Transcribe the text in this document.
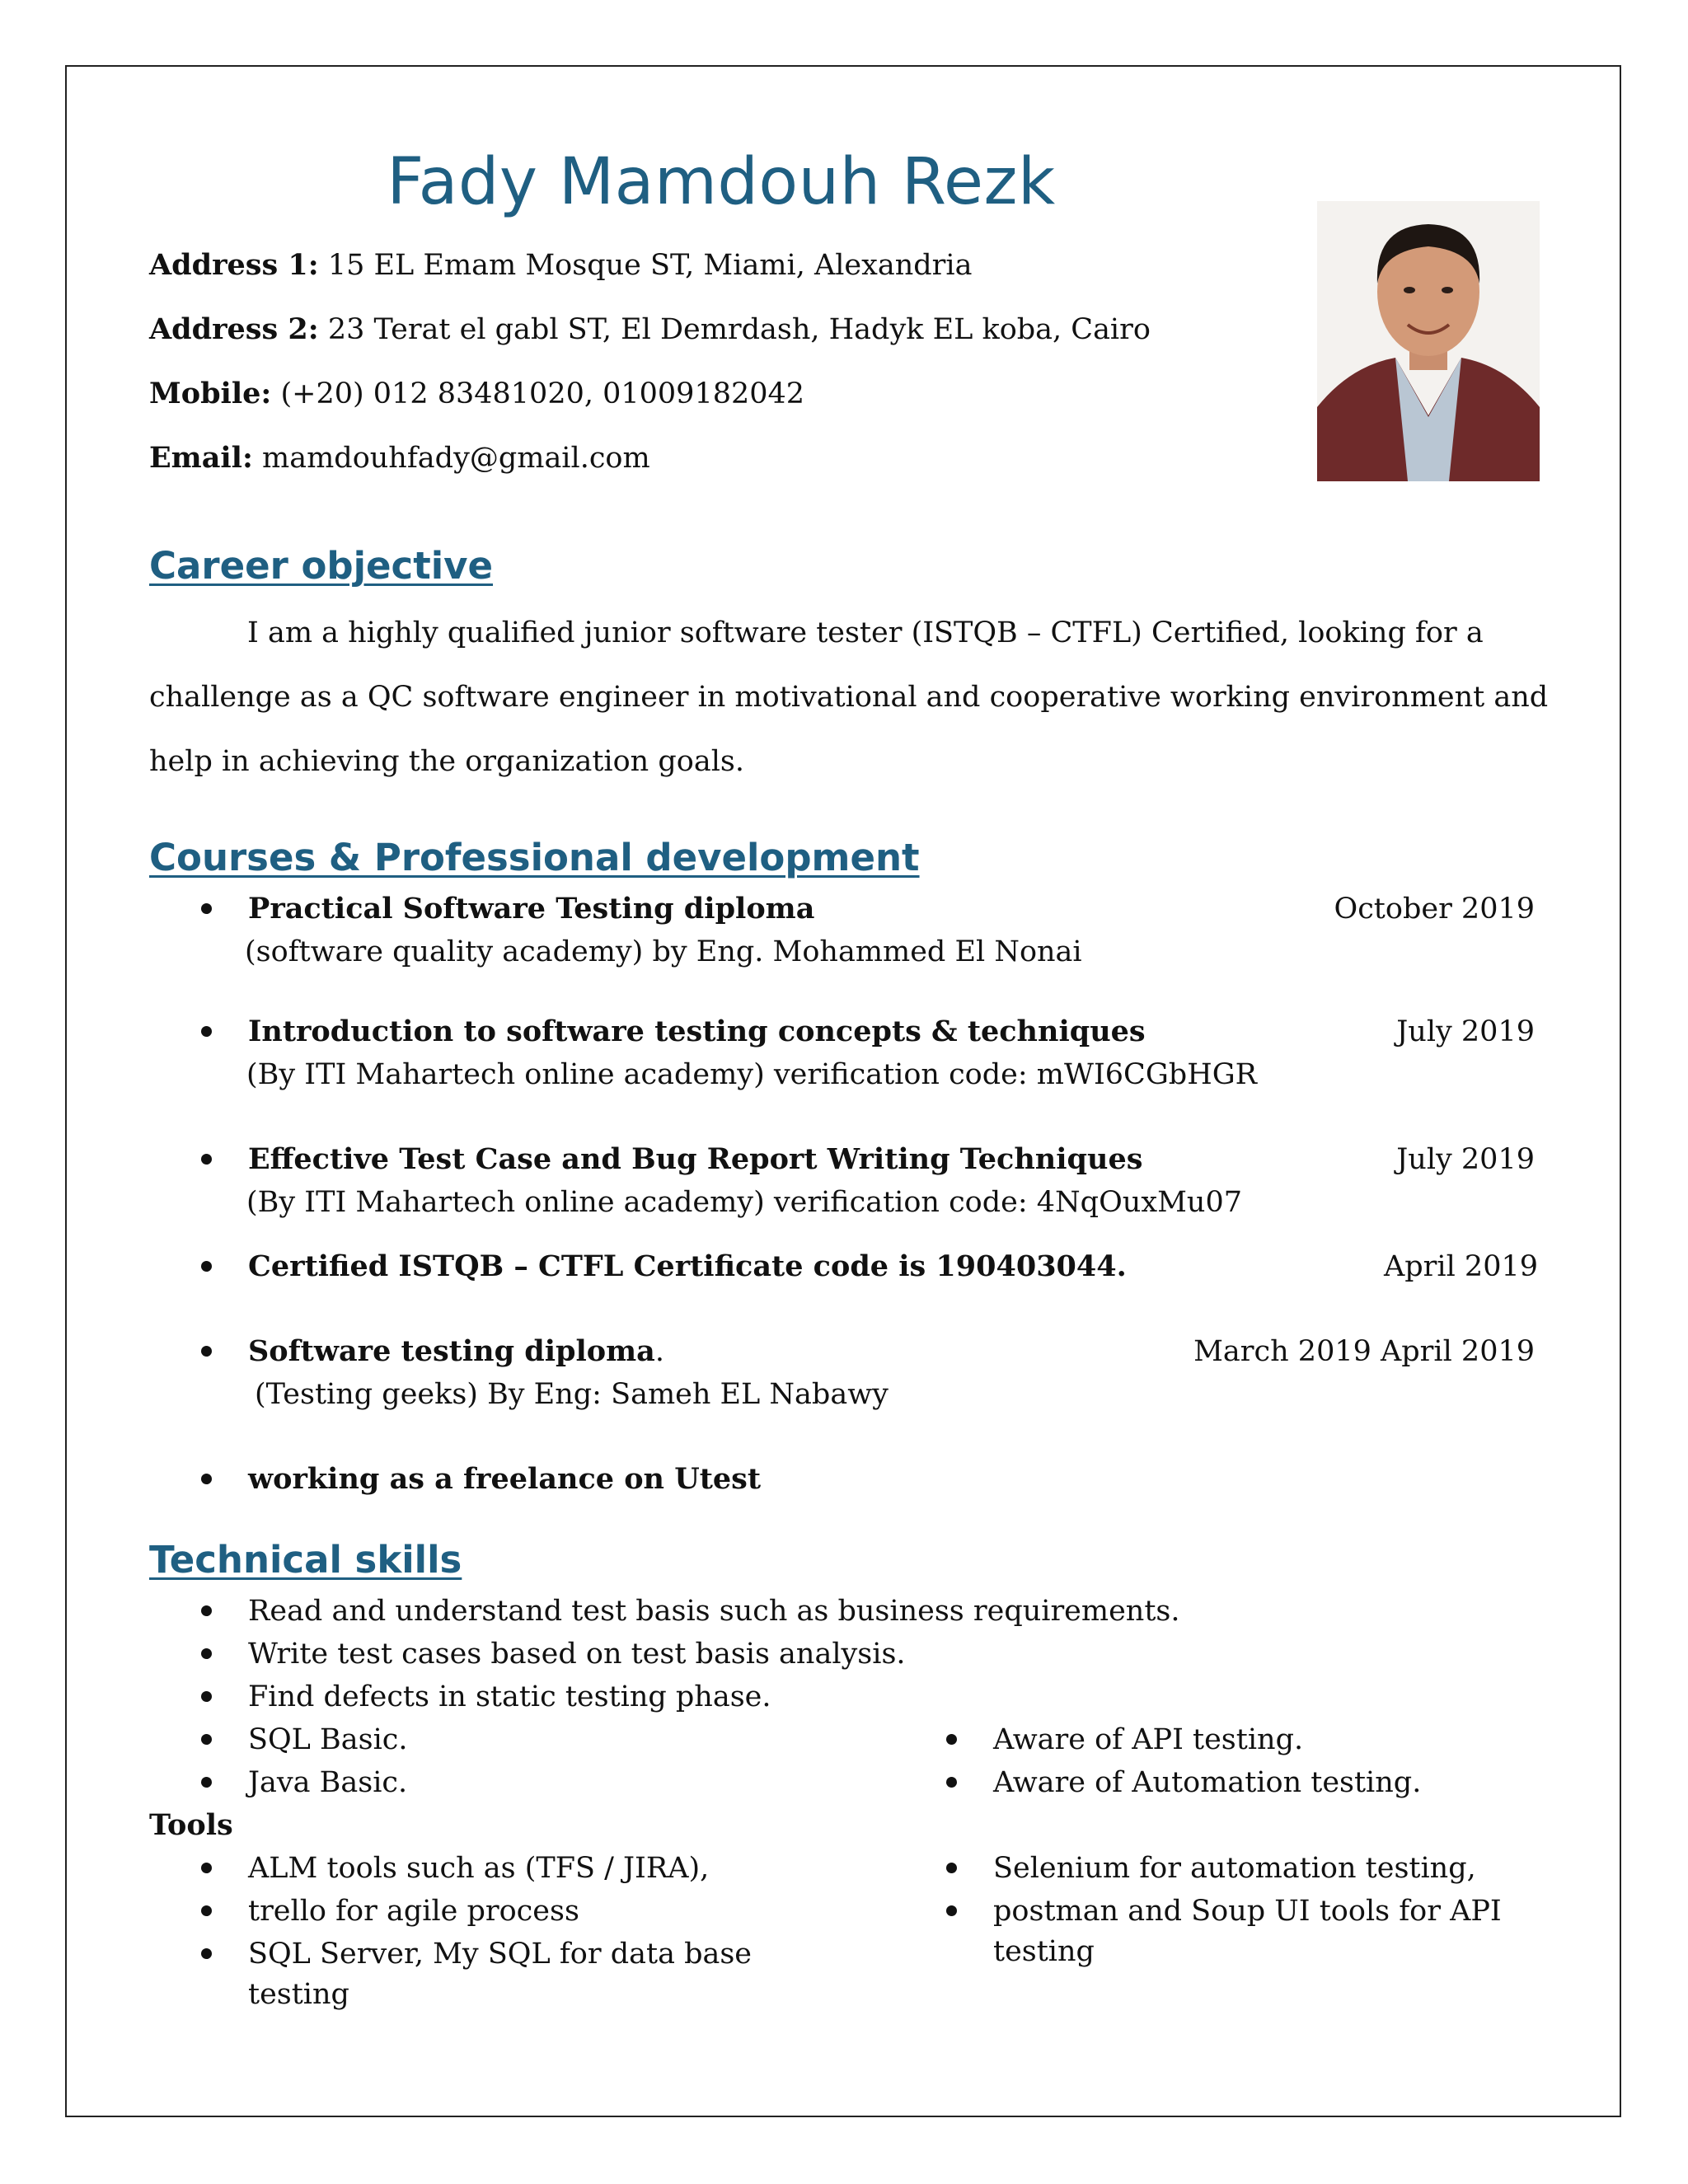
Fady Mamdouh Rezk
Address 1: 15 EL Emam Mosque ST, Miami, Alexandria
Address 2: 23 Terat el gabl ST, El Demrdash, Hadyk EL koba, Cairo
Mobile: (+20) 012 83481020, 01009182042
Email: mamdouhfady@gmail.com
Career objective
I am a highly qualified junior software tester (ISTQB – CTFL) Certified, looking for a
challenge as a QC software engineer in motivational and cooperative working environment and
help in achieving the organization goals.
Courses & Professional development
Practical Software Testing diploma	October 2019
(software quality academy) by Eng. Mohammed El Nonai
Introduction to software testing concepts & techniques	July 2019
(By ITI Mahartech online academy) verification code: mWI6CGbHGR
Effective Test Case and Bug Report Writing Techniques	July 2019
(By ITI Mahartech online academy) verification code: 4NqOuxMu07
Certified ISTQB – CTFL Certificate code is 190403044.	April 2019
Software testing diploma.	March 2019 April 2019
(Testing geeks) By Eng: Sameh EL Nabawy
working as a freelance on Utest
Technical skills
Read and understand test basis such as business requirements.
Write test cases based on test basis analysis.
Find defects in static testing phase.
SQL Basic.
Java Basic.
Aware of API testing.
Aware of Automation testing.
Tools
ALM tools such as (TFS / JIRA),
trello for agile process
SQL Server, My SQL for data base
testing
Selenium for automation testing,
postman and Soup UI tools for API
testing
